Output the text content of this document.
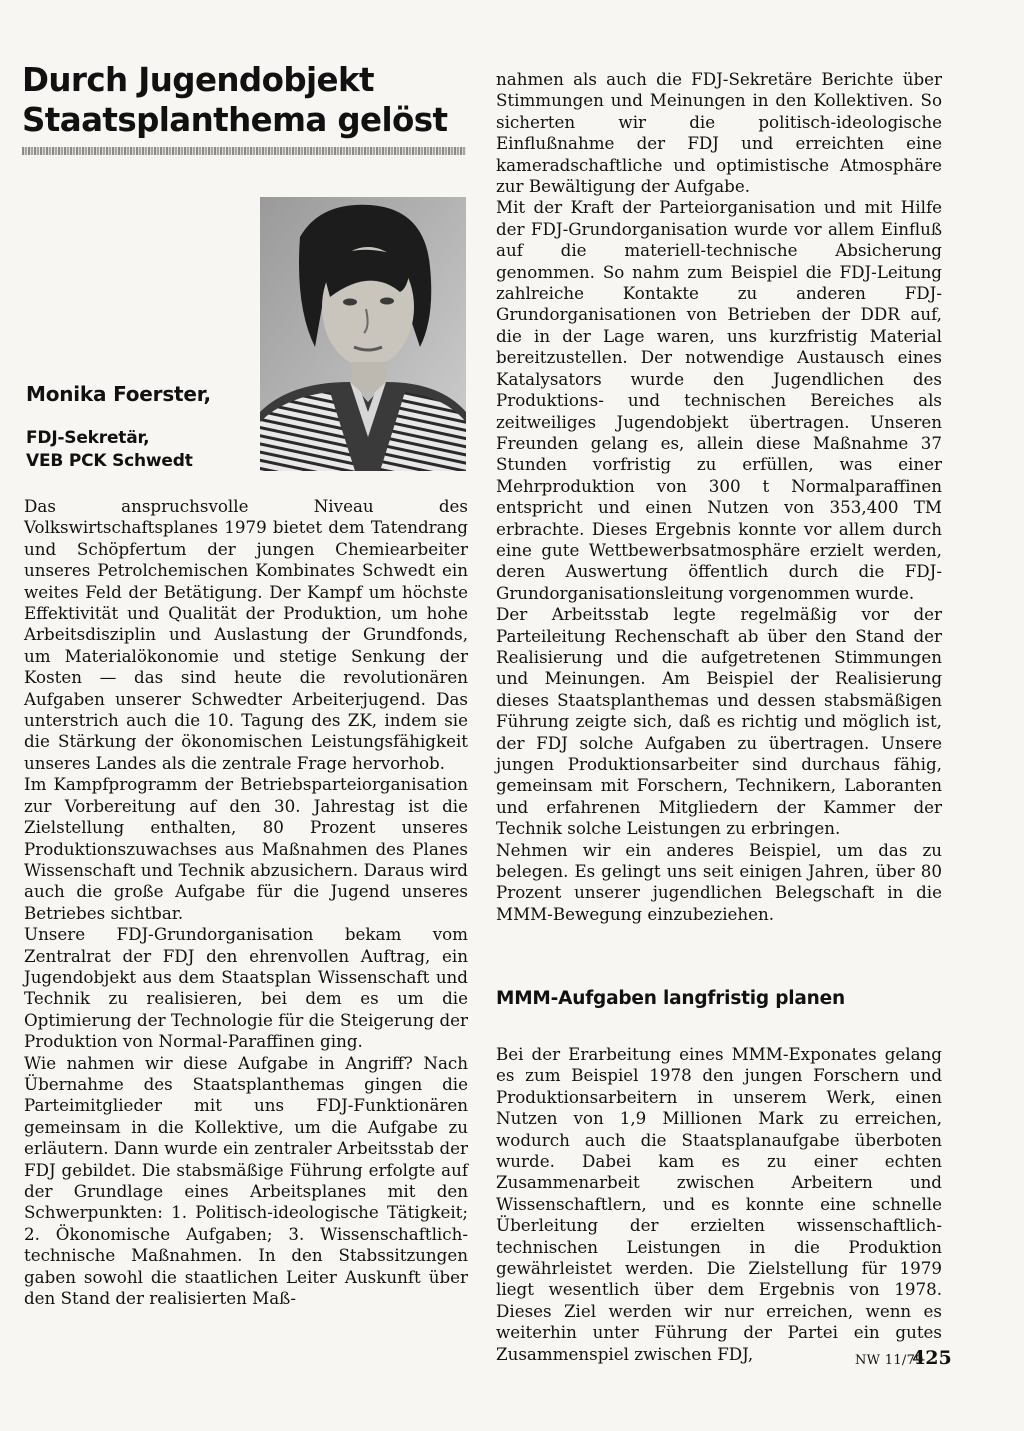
Durch Jugendobjekt
Staatsplanthema gelöst
Monika Foerster,
FDJ-Sekretär,
VEB PCK Schwedt

Das anspruchsvolle Niveau des Volkswirtschaftsplanes 1979 bietet dem Tatendrang und Schöpfertum der jungen Chemiearbeiter unseres Petrolchemischen Kombinates Schwedt ein weites Feld der Betätigung. Der Kampf um höchste Effektivität und Qualität der Produktion, um hohe Arbeitsdisziplin und Auslastung der Grundfonds, um Materialökonomie und stetige Senkung der Kosten — das sind heute die revolutionären Aufgaben unserer Schwedter Arbeiterjugend. Das unterstrich auch die 10. Tagung des ZK, indem sie die Stärkung der ökonomischen Leistungsfähigkeit unseres Landes als die zentrale Frage hervorhob.

Im Kampfprogramm der Betriebsparteiorganisation zur Vorbereitung auf den 30. Jahrestag ist die Zielstellung enthalten, 80 Prozent unseres Produktionszuwachses aus Maßnahmen des Planes Wissenschaft und Technik abzusichern. Daraus wird auch die große Aufgabe für die Jugend unseres Betriebes sichtbar.

Unsere FDJ-Grundorganisation bekam vom Zentralrat der FDJ den ehrenvollen Auftrag, ein Jugendobjekt aus dem Staatsplan Wissenschaft und Technik zu realisieren, bei dem es um die Optimierung der Technologie für die Steigerung der Produktion von Normal-Paraffinen ging.

Wie nahmen wir diese Aufgabe in Angriff? Nach Übernahme des Staatsplanthemas gingen die Parteimitglieder mit uns FDJ-Funktionären gemeinsam in die Kollektive, um die Aufgabe zu erläutern. Dann wurde ein zentraler Arbeitsstab der FDJ gebildet. Die stabsmäßige Führung erfolgte auf der Grundlage eines Arbeitsplanes mit den Schwerpunkten: 1. Politisch-ideologische Tätigkeit; 2. Ökonomische Aufgaben; 3. Wissenschaftlich-technische Maßnahmen. In den Stabssitzungen gaben sowohl die staatlichen Leiter Auskunft über den Stand der realisierten Maß-

nahmen als auch die FDJ-Sekretäre Berichte über Stimmungen und Meinungen in den Kollektiven. So sicherten wir die politisch-ideologische Einflußnahme der FDJ und erreichten eine kameradschaftliche und optimistische Atmosphäre zur Bewältigung der Aufgabe.

Mit der Kraft der Parteiorganisation und mit Hilfe der FDJ-Grundorganisation wurde vor allem Einfluß auf die materiell-technische Absicherung genommen. So nahm zum Beispiel die FDJ-Leitung zahlreiche Kontakte zu anderen FDJ-Grundorganisationen von Betrieben der DDR auf, die in der Lage waren, uns kurzfristig Material bereitzustellen. Der notwendige Austausch eines Katalysators wurde den Jugendlichen des Produktions- und technischen Bereiches als zeitweiliges Jugendobjekt übertragen. Unseren Freunden gelang es, allein diese Maßnahme 37 Stunden vorfristig zu erfüllen, was einer Mehrproduktion von 300 t Normalparaffinen entspricht und einen Nutzen von 353,400 TM erbrachte. Dieses Ergebnis konnte vor allem durch eine gute Wettbewerbsatmosphäre erzielt werden, deren Auswertung öffentlich durch die FDJ-Grundorganisationsleitung vorgenommen wurde.

Der Arbeitsstab legte regelmäßig vor der Parteileitung Rechenschaft ab über den Stand der Realisierung und die aufgetretenen Stimmungen und Meinungen. Am Beispiel der Realisierung dieses Staatsplanthemas und dessen stabsmäßigen Führung zeigte sich, daß es richtig und möglich ist, der FDJ solche Aufgaben zu übertragen. Unsere jungen Produktionsarbeiter sind durchaus fähig, gemeinsam mit Forschern, Technikern, Laboranten und erfahrenen Mitgliedern der Kammer der Technik solche Leistungen zu erbringen.

Nehmen wir ein anderes Beispiel, um das zu belegen. Es gelingt uns seit einigen Jahren, über 80 Prozent unserer jugendlichen Belegschaft in die MMM-Bewegung einzubeziehen.

MMM-Aufgaben langfristig planen

Bei der Erarbeitung eines MMM-Exponates gelang es zum Beispiel 1978 den jungen Forschern und Produktionsarbeitern in unserem Werk, einen Nutzen von 1,9 Millionen Mark zu erreichen, wodurch auch die Staatsplanaufgabe überboten wurde. Dabei kam es zu einer echten Zusammenarbeit zwischen Arbeitern und Wissenschaftlern, und es konnte eine schnelle Überleitung der erzielten wissenschaftlich-technischen Leistungen in die Produktion gewährleistet werden. Die Zielstellung für 1979 liegt wesentlich über dem Ergebnis von 1978. Dieses Ziel werden wir nur erreichen, wenn es weiterhin unter Führung der Partei ein gutes Zusammenspiel zwischen FDJ,	NW 11/79
425
